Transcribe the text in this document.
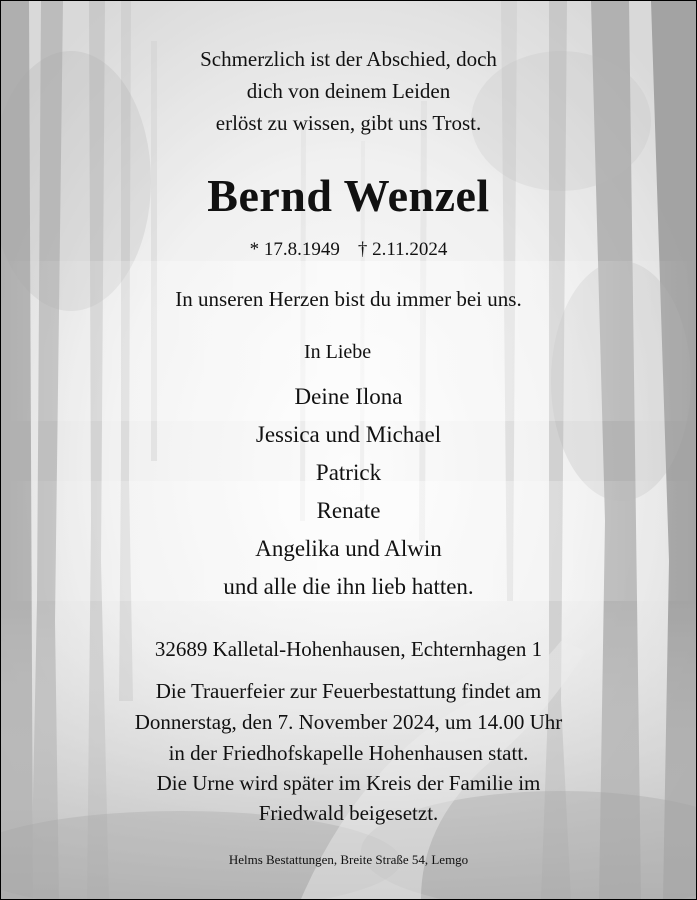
Schmerzlich ist der Abschied, doch
dich von deinem Leiden
erlöst zu wissen, gibt uns Trost.
Bernd Wenzel
* 17.8.1949 † 2.11.2024
In unseren Herzen bist du immer bei uns.
In Liebe
Deine Ilona
Jessica und Michael
Patrick
Renate
Angelika und Alwin
und alle die ihn lieb hatten.
32689 Kalletal-Hohenhausen, Echternhagen 1
Die Trauerfeier zur Feuerbestattung findet am
Donnerstag, den 7. November 2024, um 14.00 Uhr
in der Friedhofskapelle Hohenhausen statt.
Die Urne wird später im Kreis der Familie im
Friedwald beigesetzt.
Helms Bestattungen, Breite Straße 54, Lemgo
